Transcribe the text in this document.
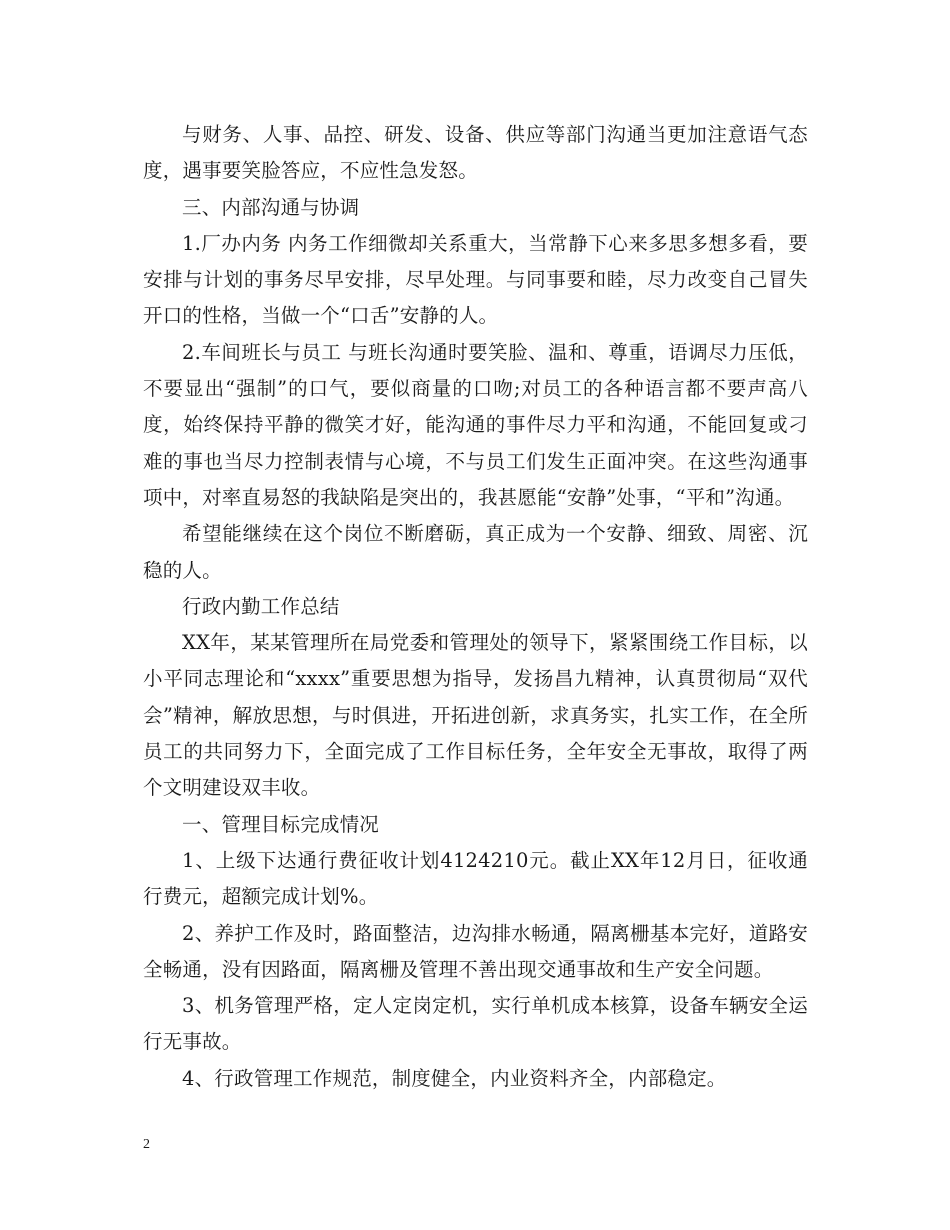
与财务、人事、品控、研发、设备、供应等部门沟通当更加注意语气态度，遇事要笑脸答应，不应性急发怒。

三、内部沟通与协调

1.厂办内务 内务工作细微却关系重大，当常静下心来多思多想多看，要安排与计划的事务尽早安排，尽早处理。与同事要和睦，尽力改变自己冒失开口的性格，当做一个“口舌”安静的人。

2.车间班长与员工 与班长沟通时要笑脸、温和、尊重，语调尽力压低，不要显出“强制”的口气，要似商量的口吻;对员工的各种语言都不要声高八度，始终保持平静的微笑才好，能沟通的事件尽力平和沟通，不能回复或刁难的事也当尽力控制表情与心境，不与员工们发生正面冲突。在这些沟通事项中，对率直易怒的我缺陷是突出的，我甚愿能“安静”处事，“平和”沟通。

希望能继续在这个岗位不断磨砺，真正成为一个安静、细致、周密、沉稳的人。

行政内勤工作总结

XX年，某某管理所在局党委和管理处的领导下，紧紧围绕工作目标，以小平同志理论和“xxxx”重要思想为指导，发扬昌九精神，认真贯彻局“双代会”精神，解放思想，与时俱进，开拓进创新，求真务实，扎实工作，在全所员工的共同努力下，全面完成了工作目标任务，全年安全无事故，取得了两个文明建设双丰收。

一、管理目标完成情况

1、上级下达通行费征收计划4124210元。截止XX年12月日，征收通行费元，超额完成计划%。

2、养护工作及时，路面整洁，边沟排水畅通，隔离栅基本完好，道路安全畅通，没有因路面，隔离栅及管理不善出现交通事故和生产安全问题。

3、机务管理严格，定人定岗定机，实行单机成本核算，设备车辆安全运行无事故。

4、行政管理工作规范，制度健全，内业资料齐全，内部稳定。

2
